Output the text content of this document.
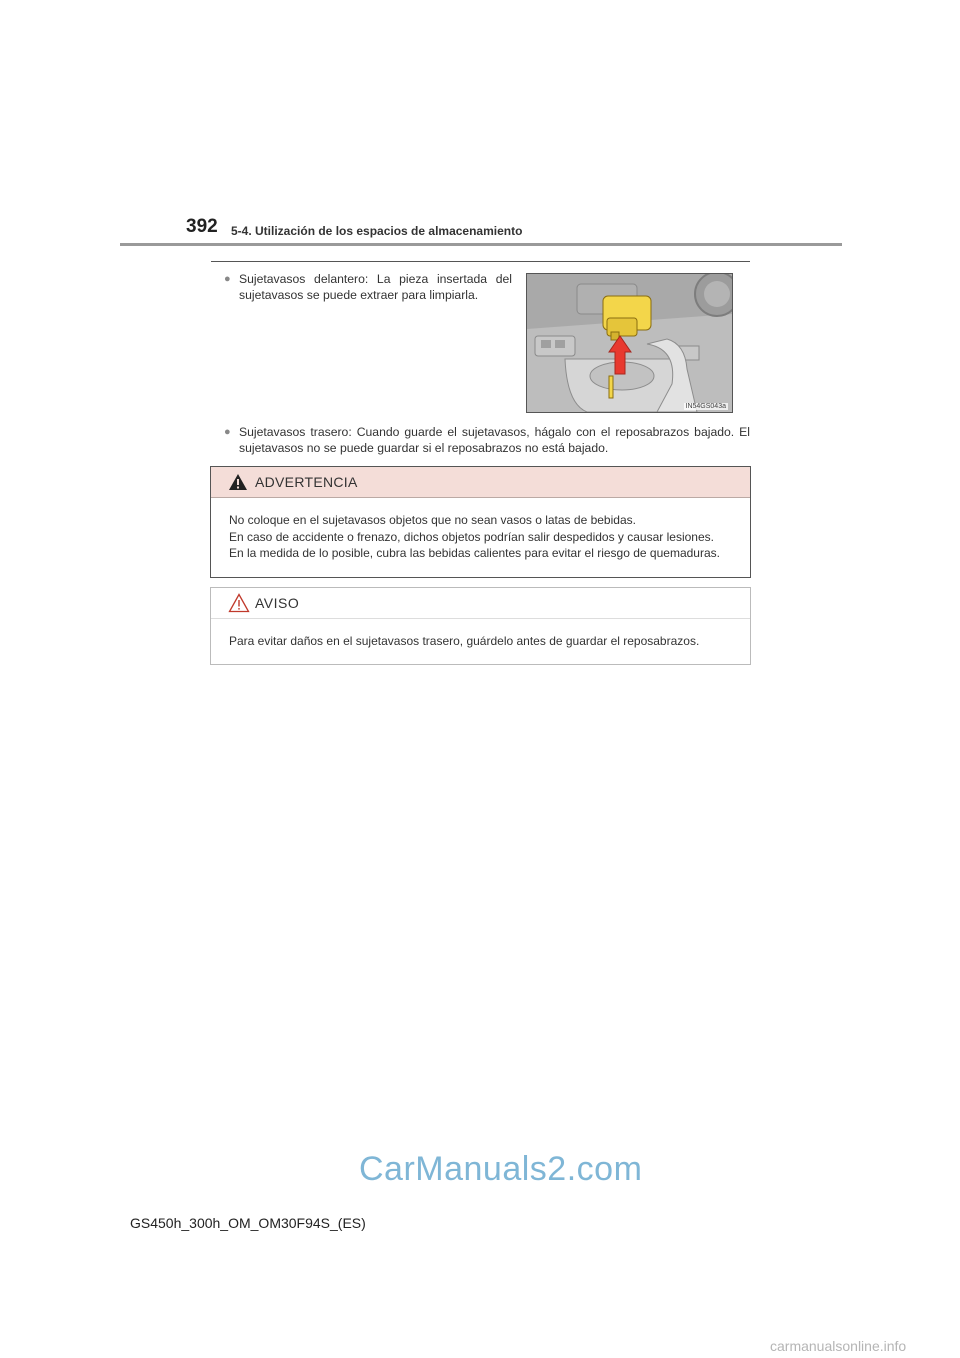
392 5-4. Utilización de los espacios de almacenamiento
● Sujetavasos delantero: La pieza insertada del sujetavasos se puede extraer para limpiarla.
IN54GS043a
● Sujetavasos trasero: Cuando guarde el sujetavasos, hágalo con el reposabrazos bajado. El sujetavasos no se puede guardar si el reposabrazos no está bajado.
ADVERTENCIA
No coloque en el sujetavasos objetos que no sean vasos o latas de bebidas.
En caso de accidente o frenazo, dichos objetos podrían salir despedidos y causar lesiones.
En la medida de lo posible, cubra las bebidas calientes para evitar el riesgo de quemaduras.
AVISO
Para evitar daños en el sujetavasos trasero, guárdelo antes de guardar el reposabrazos.
CarManuals2.com
GS450h_300h_OM_OM30F94S_(ES)
carmanualsonline.info
